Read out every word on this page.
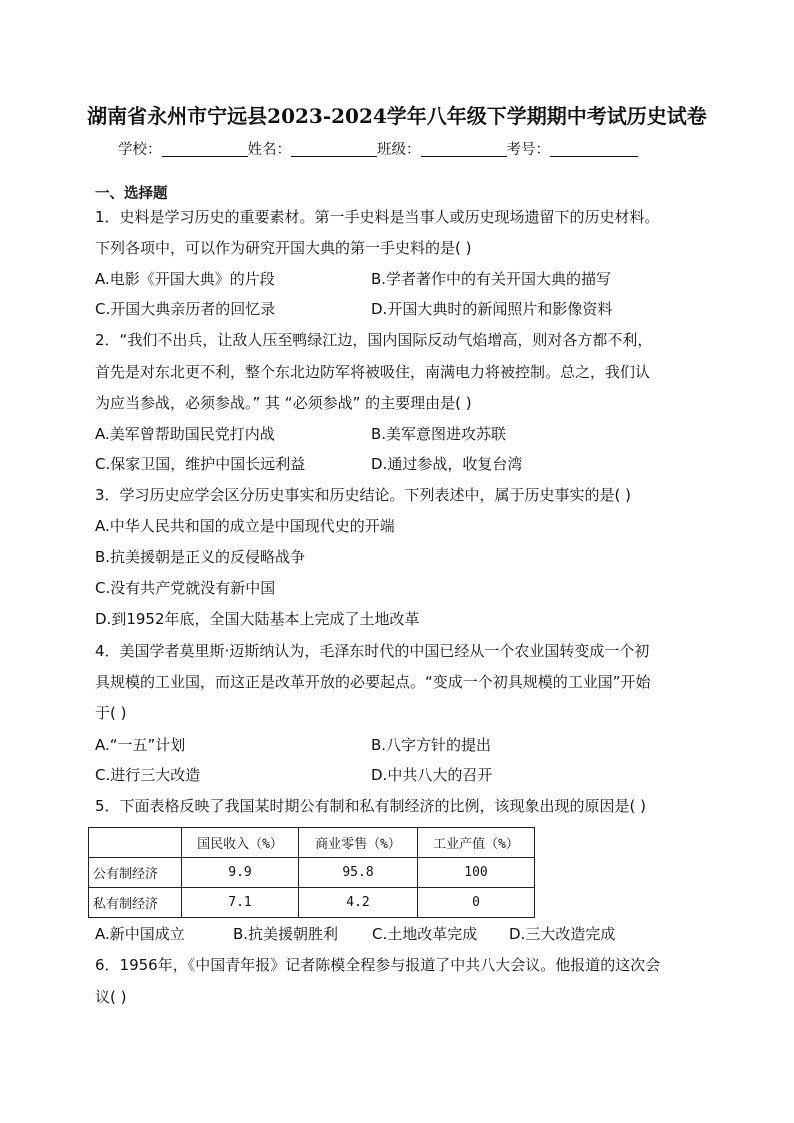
湖南省永州市宁远县2023-2024学年八年级下学期期中考试历史试卷
学校：	姓名：	班级：	考号：
一、选择题
1．史料是学习历史的重要素材。第一手史料是当事人或历史现场遗留下的历史材料。
下列各项中，可以作为研究开国大典的第一手史料的是( )
A.电影《开国大典》的片段	B.学者著作中的有关开国大典的描写
C.开国大典亲历者的回忆录	D.开国大典时的新闻照片和影像资料
2．“我们不出兵，让敌人压至鸭绿江边，国内国际反动气焰增高，则对各方都不利，
首先是对东北更不利，整个东北边防军将被吸住，南满电力将被控制。总之，我们认
为应当参战，必须参战。” 其 “必须参战” 的主要理由是( )
A.美军曾帮助国民党打内战	B.美军意图进攻苏联
C.保家卫国，维护中国长远利益	D.通过参战，收复台湾
3．学习历史应学会区分历史事实和历史结论。下列表述中，属于历史事实的是( )
A.中华人民共和国的成立是中国现代史的开端
B.抗美援朝是正义的反侵略战争
C.没有共产党就没有新中国
D.到1952年底，全国大陆基本上完成了土地改革
4．美国学者莫里斯·迈斯纳认为，毛泽东时代的中国已经从一个农业国转变成一个初
具规模的工业国，而这正是改革开放的必要起点。“变成一个初具规模的工业国”开始
于( )
A.“一五”计划	B.八字方针的提出
C.进行三大改造	D.中共八大的召开
5．下面表格反映了我国某时期公有制和私有制经济的比例，该现象出现的原因是( )
	国民收入（%）	商业零售（%）	工业产值（%）
公有制经济	9.9	95.8	100
私有制经济	7.1	4.2	0
A.新中国成立	B.抗美援朝胜利 C.土地改革完成 D.三大改造完成
6．1956年，《中国青年报》记者陈模全程参与报道了中共八大会议。他报道的这次会
议( )
